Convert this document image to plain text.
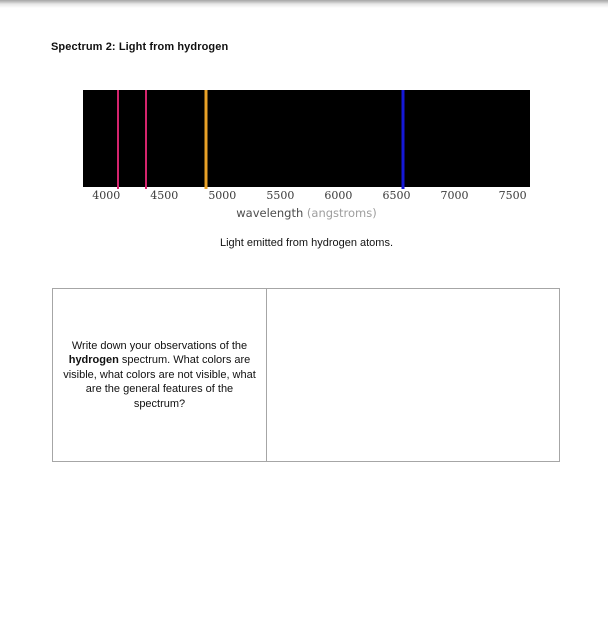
Spectrum 2: Light from hydrogen
4000	4500	5000	5500	6000	6500	7000	7500
wavelength (angstroms)
Light emitted from hydrogen atoms.
Write down your observations of the
hydrogen spectrum. What colors are
visible, what colors are not visible, what
are the general features of the
spectrum?
